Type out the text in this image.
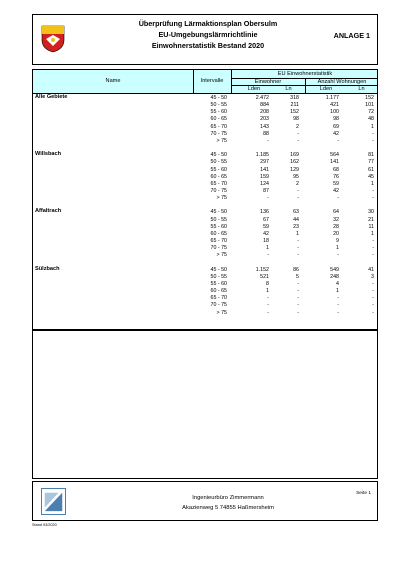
Überprüfung Lärmaktionsplan Obersulm
EU-Umgebungslärmrichtlinie
Einwohnerstatistik Bestand 2020
ANLAGE 1
Name	Intervalle
EU Einwohnerstatistik
Einwohner	Anzahl Wohnungen
Lden	Ln	Lden	Ln
Alle Gebiete	45 - 50	2.472	318	1.177	152
50 - 55	884	211	421	101
55 - 60	208	152	100	72
60 - 65	203	98	98	48
65 - 70	143	2	69	1
70 - 75	88	-	42	-
> 75	-	-	-	-
Willsbach	45 - 50	1.185	169	564	81
50 - 55	297	162	141	77
55 - 60	141	129	68	61
60 - 65	159	95	76	45
65 - 70	124	2	59	1
70 - 75	87	-	42	-
> 75	-	-	-	-
Affaltrach	45 - 50	136	63	64	30
50 - 55	67	44	32	21
55 - 60	59	23	28	11
60 - 65	42	1	20	1
65 - 70	18	-	9	-
70 - 75	1	-	1	-
> 75	-	-	-	-
Sülzbach	45 - 50	1.152	86	549	41
50 - 55	521	5	248	3
55 - 60	8	-	4	-
60 - 65	1	-	1	-
65 - 70	-	-	-	-
70 - 75	-	-	-	-
> 75	-	-	-	-
Ingenieurbüro Zimmermann
Akazienweg 5 74855 Haßmersheim
Seite 1
Stand 03/2020
